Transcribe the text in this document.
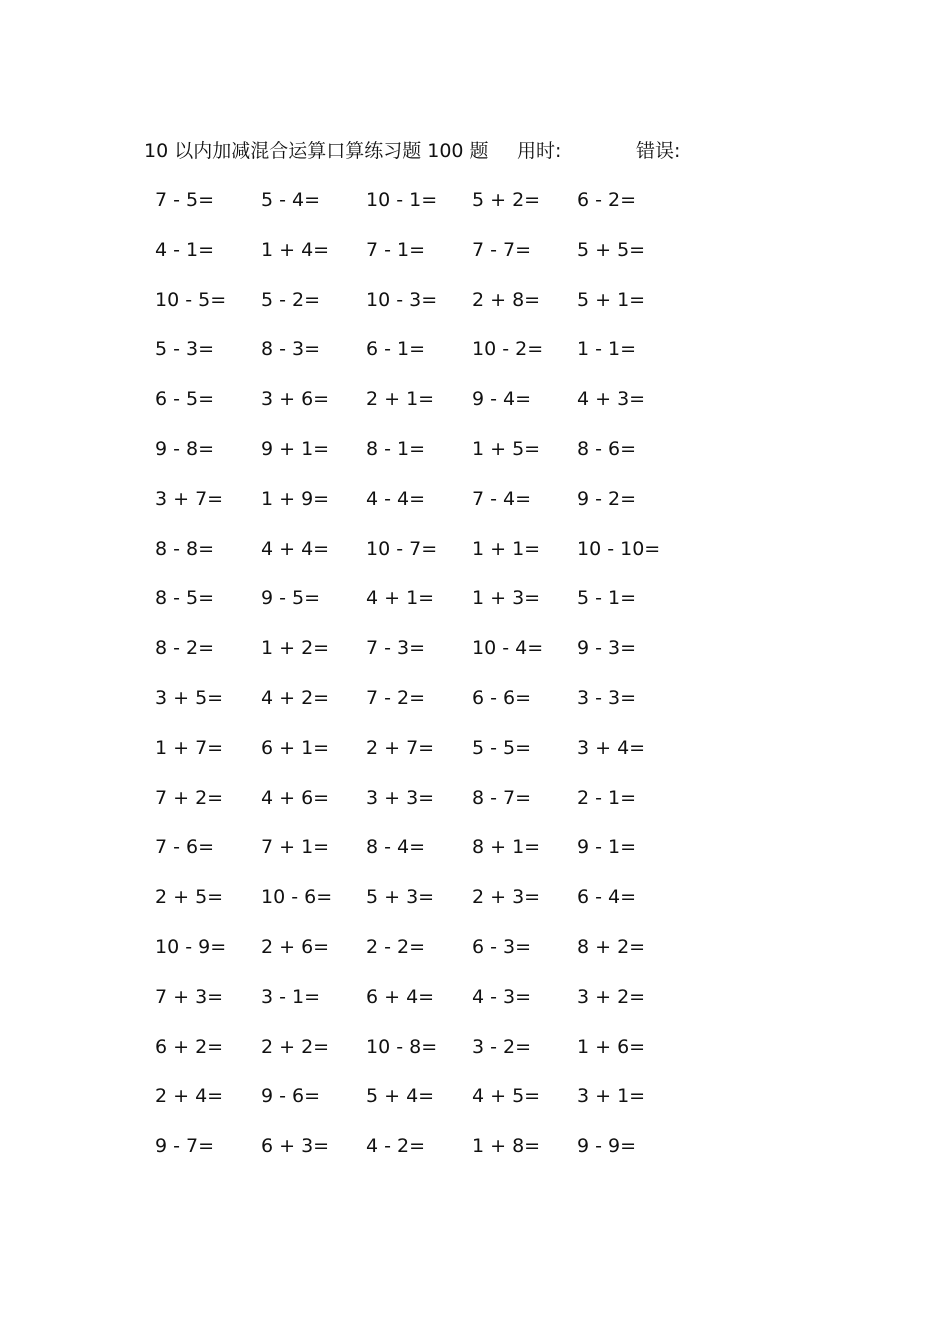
10 以内加减混合运算口算练习题 100 题 用时:	错误:
7 - 5=	5 - 4=	10 - 1=	5 + 2=	6 - 2=
4 - 1=	1 + 4=	7 - 1=	7 - 7=	5 + 5=
10 - 5=	5 - 2=	10 - 3=	2 + 8=	5 + 1=
5 - 3=	8 - 3=	6 - 1=	10 - 2=	1 - 1=
6 - 5=	3 + 6=	2 + 1=	9 - 4=	4 + 3=
9 - 8=	9 + 1=	8 - 1=	1 + 5=	8 - 6=
3 + 7=	1 + 9=	4 - 4=	7 - 4=	9 - 2=
8 - 8=	4 + 4=	10 - 7=	1 + 1=	10 - 10=
8 - 5=	9 - 5=	4 + 1=	1 + 3=	5 - 1=
8 - 2=	1 + 2=	7 - 3=	10 - 4=	9 - 3=
3 + 5=	4 + 2=	7 - 2=	6 - 6=	3 - 3=
1 + 7=	6 + 1=	2 + 7=	5 - 5=	3 + 4=
7 + 2=	4 + 6=	3 + 3=	8 - 7=	2 - 1=
7 - 6=	7 + 1=	8 - 4=	8 + 1=	9 - 1=
2 + 5=	10 - 6=	5 + 3=	2 + 3=	6 - 4=
10 - 9=	2 + 6=	2 - 2=	6 - 3=	8 + 2=
7 + 3=	3 - 1=	6 + 4=	4 - 3=	3 + 2=
6 + 2=	2 + 2=	10 - 8=	3 - 2=	1 + 6=
2 + 4=	9 - 6=	5 + 4=	4 + 5=	3 + 1=
9 - 7=	6 + 3=	4 - 2=	1 + 8=	9 - 9=
